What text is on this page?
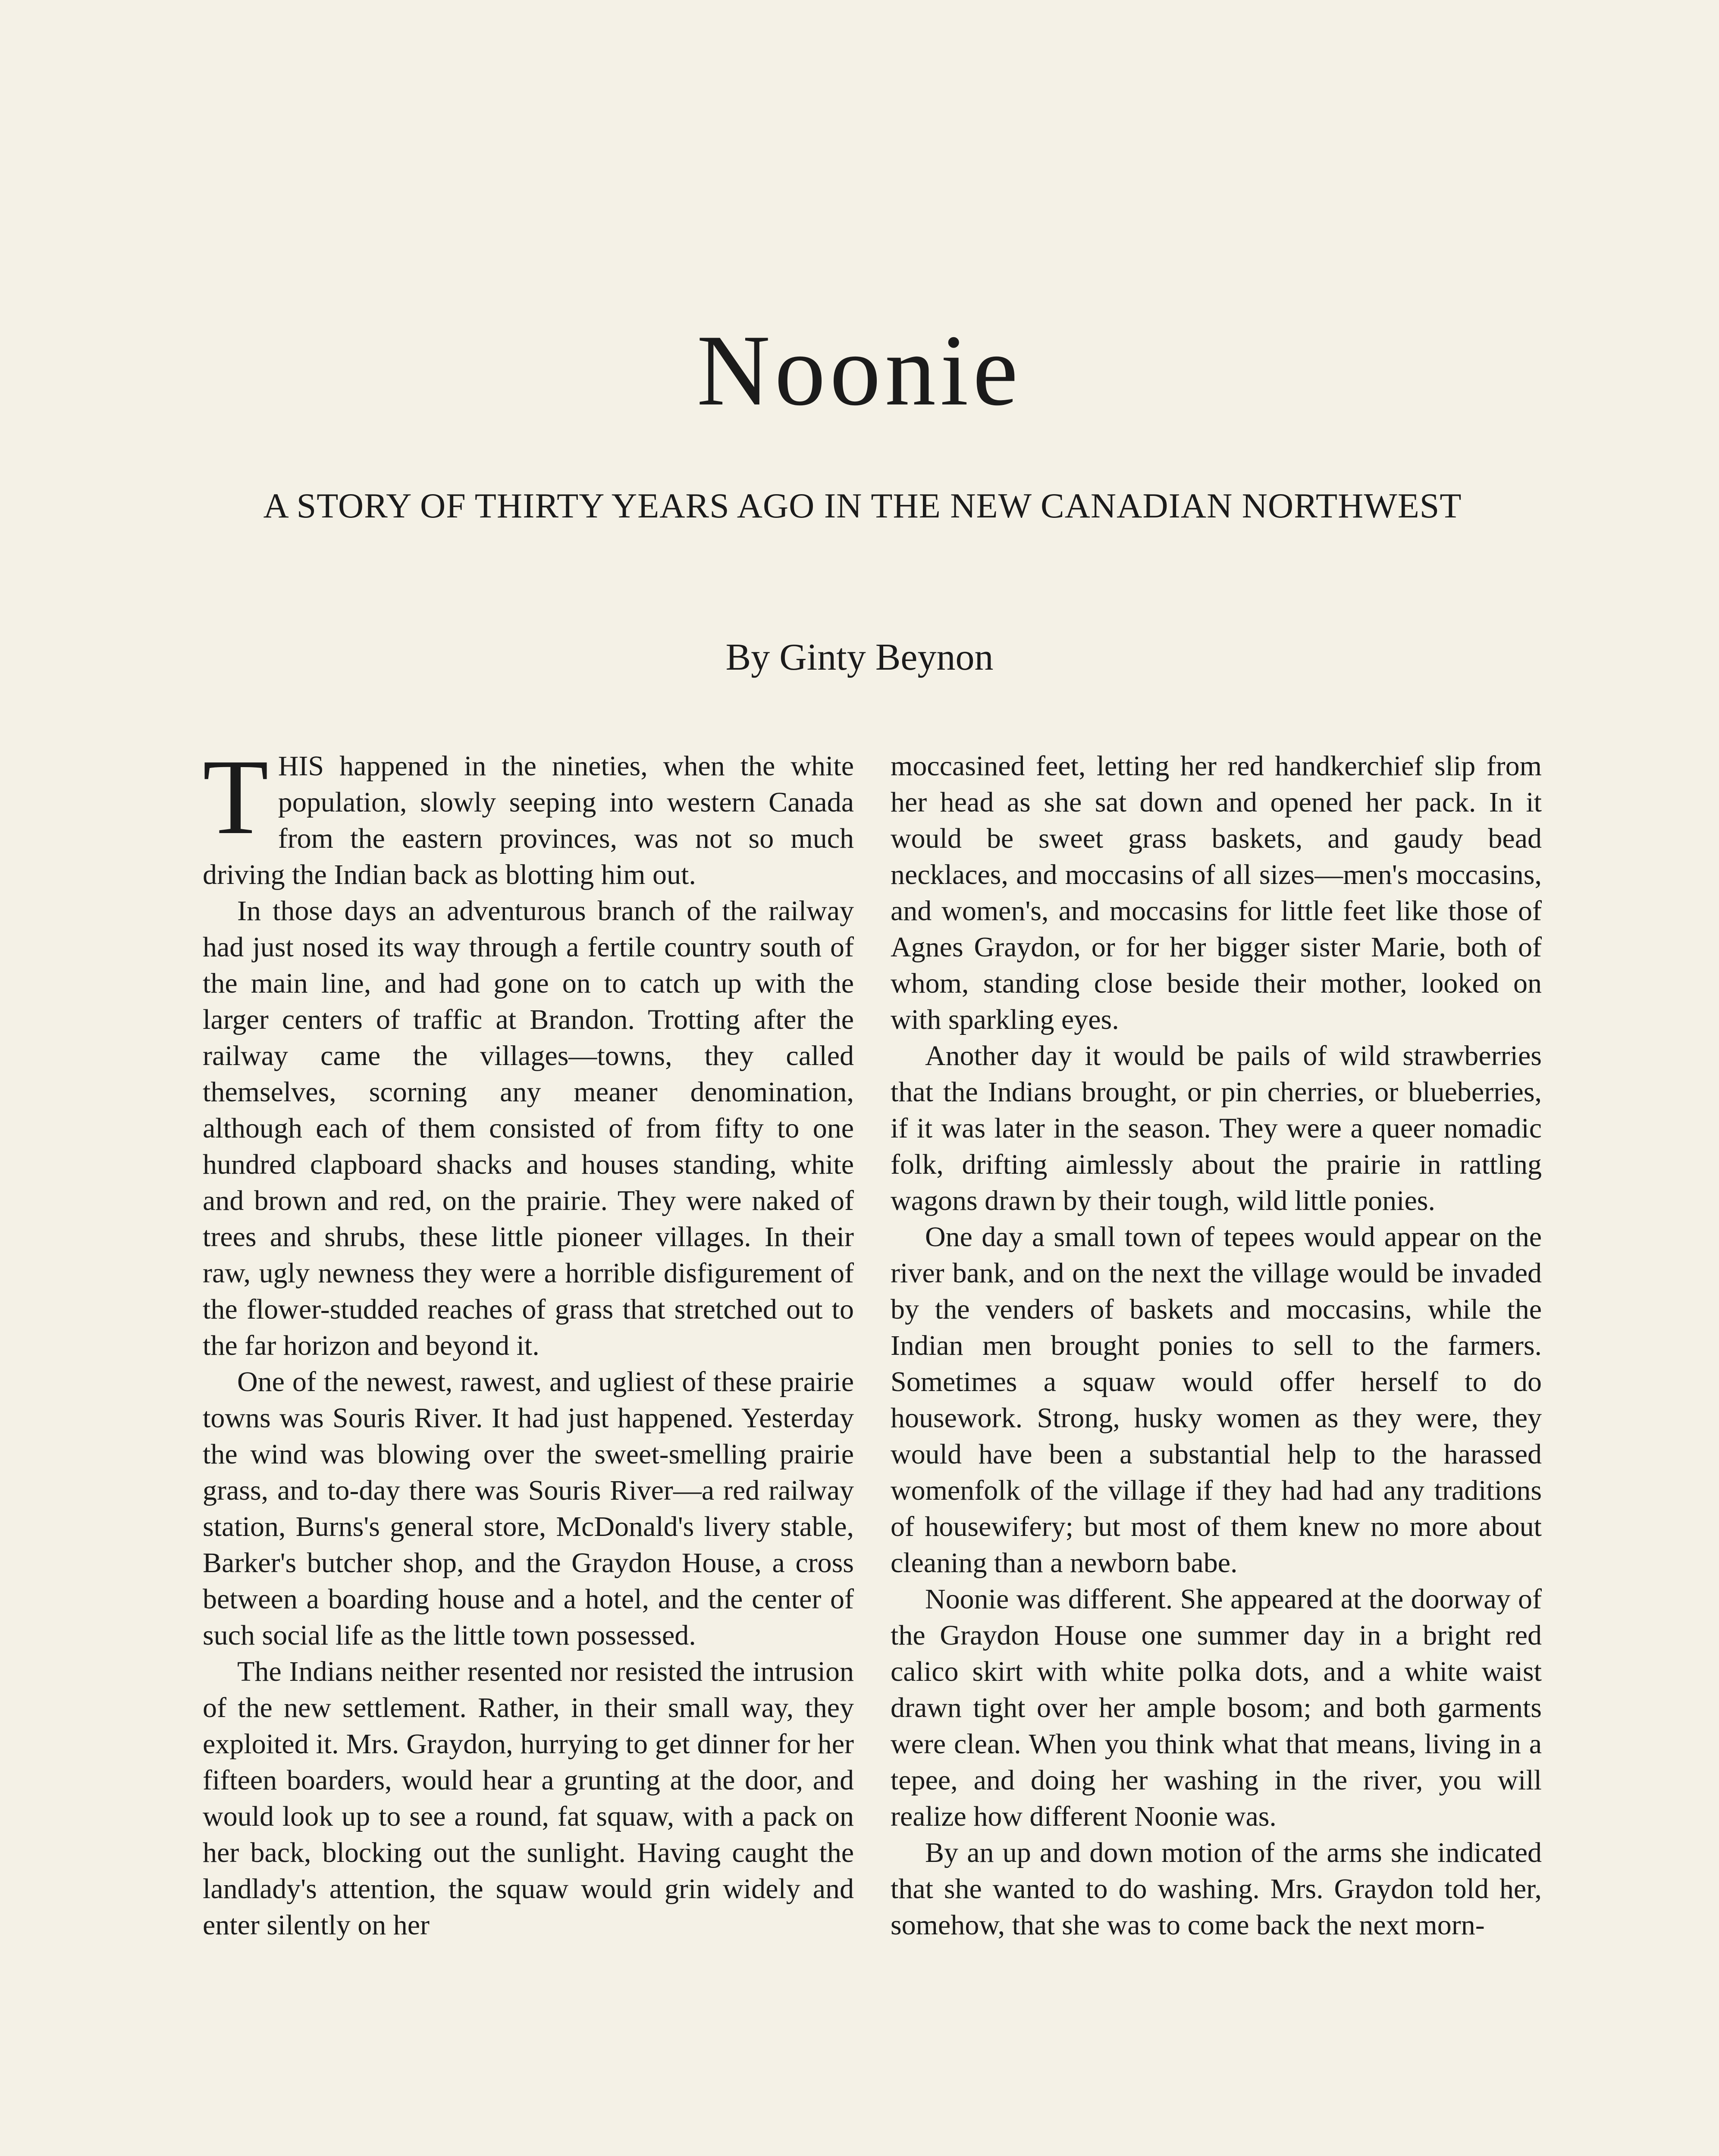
Noonie
A STORY OF THIRTY YEARS AGO IN THE NEW CANADIAN NORTHWEST
By Ginty Beynon

THIS happened in the nineties, when the white population, slowly seeping into western Canada from the eastern provinces, was not so much driving the Indian back as blotting him out.

In those days an adventurous branch of the railway had just nosed its way through a fertile country south of the main line, and had gone on to catch up with the larger centers of traffic at Brandon. Trotting after the railway came the villages—towns, they called themselves, scorning any meaner denomination, although each of them consisted of from fifty to one hundred clapboard shacks and houses standing, white and brown and red, on the prairie. They were naked of trees and shrubs, these little pioneer villages. In their raw, ugly newness they were a horrible disfigurement of the flower-studded reaches of grass that stretched out to the far horizon and beyond it.

One of the newest, rawest, and ugliest of these prairie towns was Souris River. It had just happened. Yesterday the wind was blowing over the sweet-smelling prairie grass, and to-day there was Souris River—a red railway station, Burns's general store, McDonald's livery stable, Barker's butcher shop, and the Graydon House, a cross between a boarding house and a hotel, and the center of such social life as the little town possessed.

The Indians neither resented nor resisted the intrusion of the new settlement. Rather, in their small way, they exploited it. Mrs. Graydon, hurrying to get dinner for her fifteen boarders, would hear a grunting at the door, and would look up to see a round, fat squaw, with a pack on her back, blocking out the sunlight. Having caught the landlady's attention, the squaw would grin widely and enter silently on her

moccasined feet, letting her red handkerchief slip from her head as she sat down and opened her pack. In it would be sweet grass baskets, and gaudy bead necklaces, and moccasins of all sizes—men's moccasins, and women's, and moccasins for little feet like those of Agnes Graydon, or for her bigger sister Marie, both of whom, standing close beside their mother, looked on with sparkling eyes.

Another day it would be pails of wild strawberries that the Indians brought, or pin cherries, or blueberries, if it was later in the season. They were a queer nomadic folk, drifting aimlessly about the prairie in rattling wagons drawn by their tough, wild little ponies.

One day a small town of tepees would appear on the river bank, and on the next the village would be invaded by the venders of baskets and moccasins, while the Indian men brought ponies to sell to the farmers. Sometimes a squaw would offer herself to do housework. Strong, husky women as they were, they would have been a substantial help to the harassed womenfolk of the village if they had had any traditions of housewifery; but most of them knew no more about cleaning than a newborn babe.

Noonie was different. She appeared at the doorway of the Graydon House one summer day in a bright red calico skirt with white polka dots, and a white waist drawn tight over her ample bosom; and both garments were clean. When you think what that means, living in a tepee, and doing her washing in the river, you will realize how different Noonie was.

By an up and down motion of the arms she indicated that she wanted to do washing. Mrs. Graydon told her, somehow, that she was to come back the next morn-
